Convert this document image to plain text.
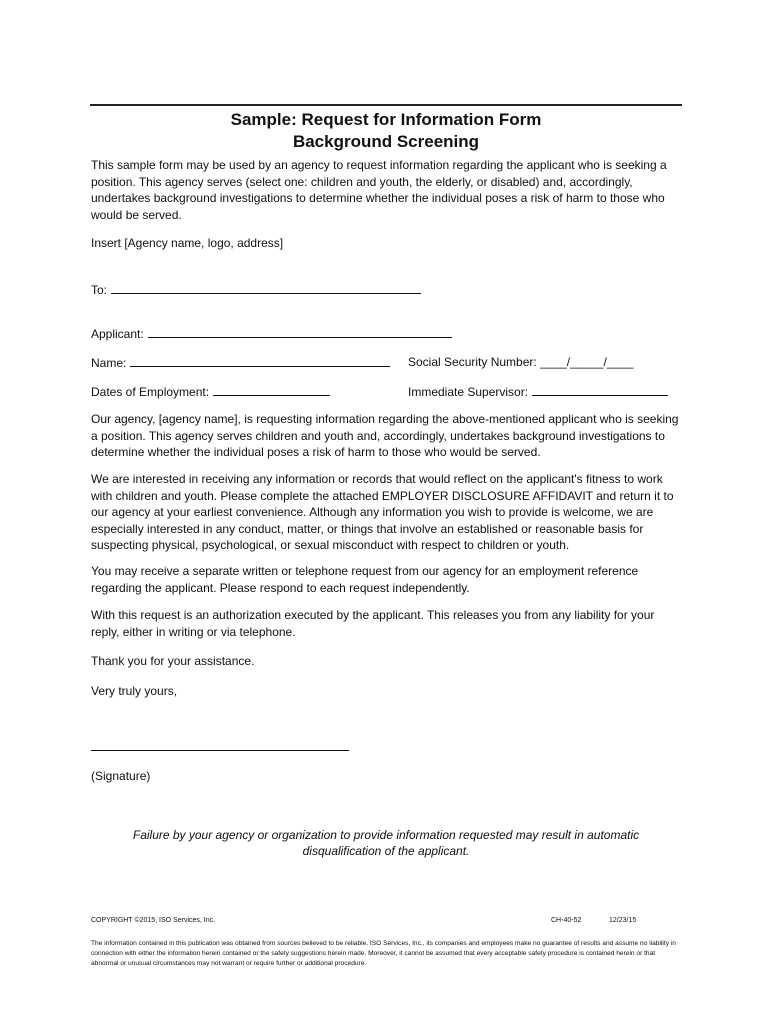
Sample: Request for Information Form
Background Screening

This sample form may be used by an agency to request information regarding the applicant who is seeking a position. This agency serves (select one: children and youth, the elderly, or disabled) and, accordingly, undertakes background investigations to determine whether the individual poses a risk of harm to those who would be served.

Insert [Agency name, logo, address]

To:

Applicant:

Name:	Social Security Number: ____/_____/____

Dates of Employment:	Immediate Supervisor:

Our agency, [agency name], is requesting information regarding the above-mentioned applicant who is seeking a position. This agency serves children and youth and, accordingly, undertakes background investigations to determine whether the individual poses a risk of harm to those who would be served.

We are interested in receiving any information or records that would reflect on the applicant's fitness to work with children and youth. Please complete the attached EMPLOYER DISCLOSURE AFFIDAVIT and return it to our agency at your earliest convenience. Although any information you wish to provide is welcome, we are especially interested in any conduct, matter, or things that involve an established or reasonable basis for suspecting physical, psychological, or sexual misconduct with respect to children or youth.

You may receive a separate written or telephone request from our agency for an employment reference regarding the applicant. Please respond to each request independently.

With this request is an authorization executed by the applicant. This releases you from any liability for your reply, either in writing or via telephone.

Thank you for your assistance.

Very truly yours,

(Signature)

Failure by your agency or organization to provide information requested may result in automatic

disqualification of the applicant.

COPYRIGHT ©2015, ISO Services, Inc.	CH-40-52	12/23/15

The information contained in this publication was obtained from sources believed to be reliable. ISO Services, Inc., its companies and employees make no guarantee of results and assume no liability in connection with either the information herein contained or the safety suggestions herein made. Moreover, it cannot be assumed that every acceptable safety procedure is contained herein or that abnormal or unusual circumstances may not warrant or require further or additional procedure.
